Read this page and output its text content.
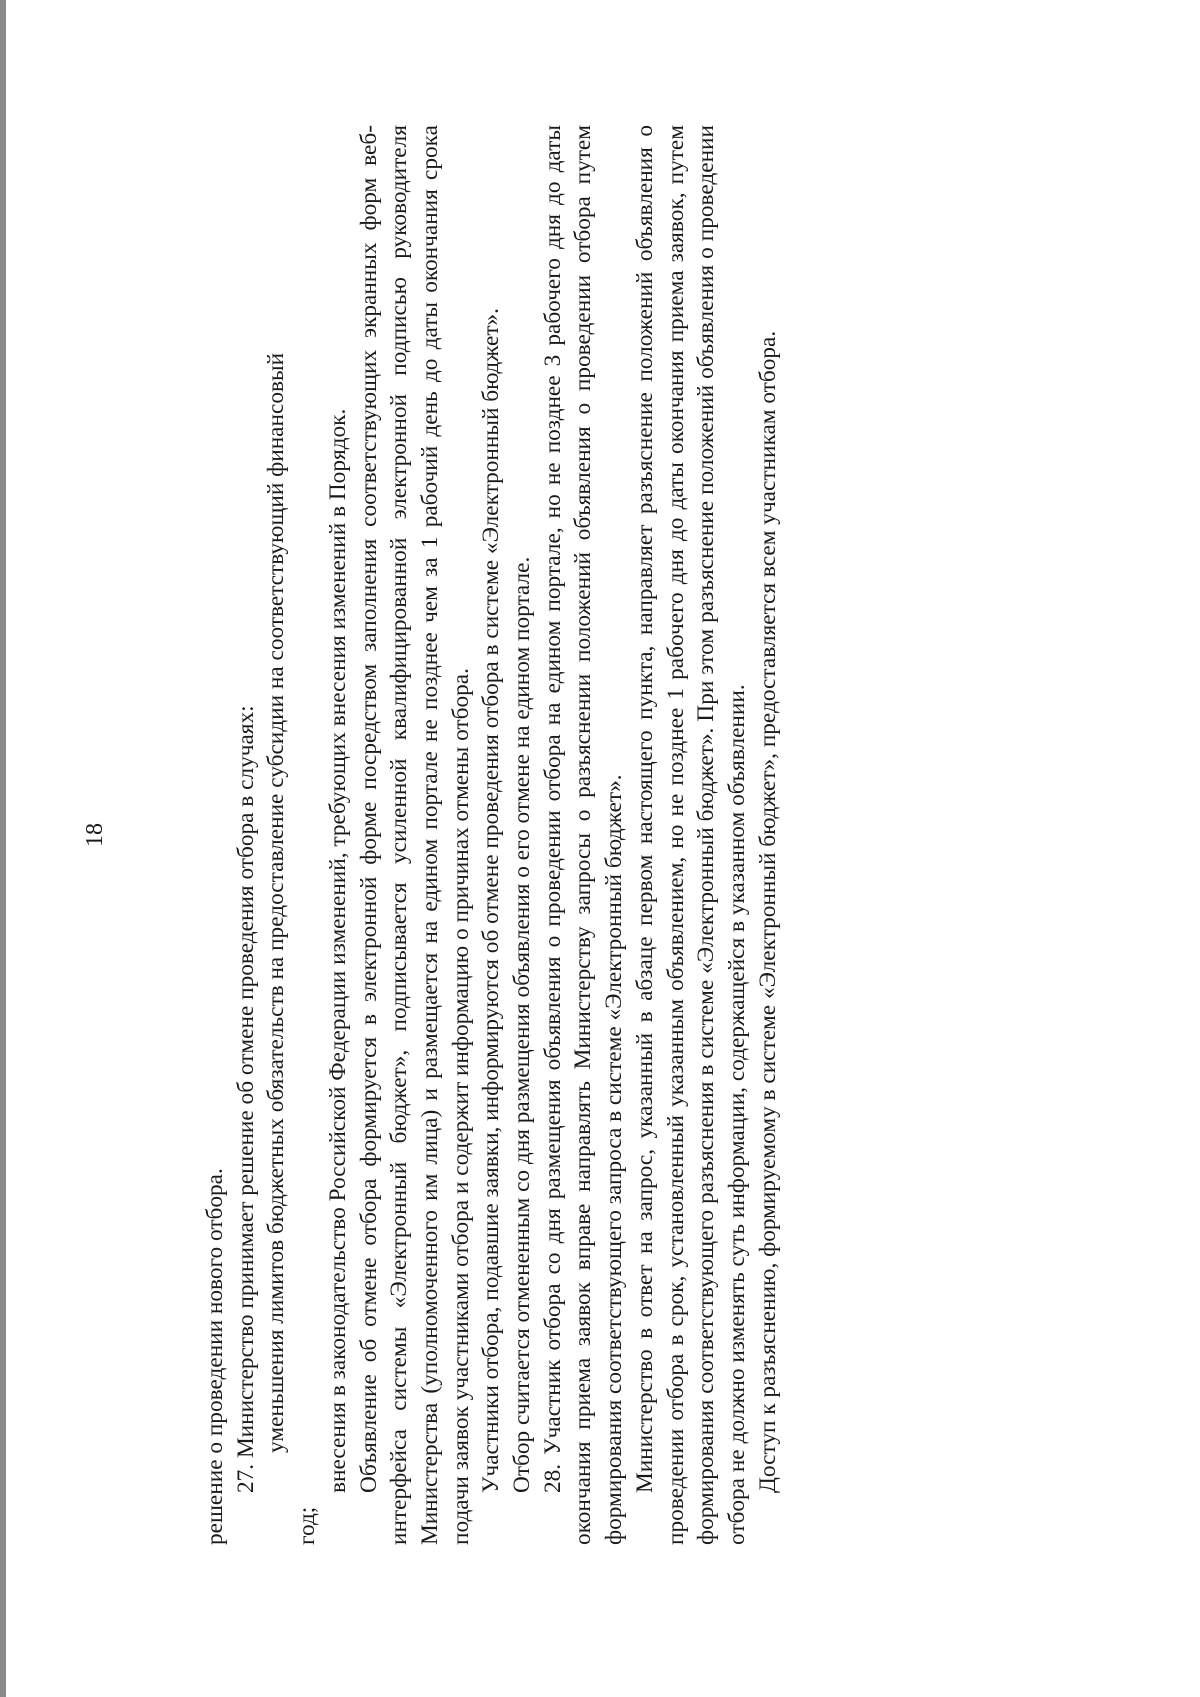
18

решение о проведении нового отбора. 27. Министерство принимает решение об отмене проведения отбора в случаях: уменьшения лимитов бюджетных обязательств на предоставление субсидии на соответствующий финансовый

год;

внесения в законодательство Российской Федерации изменений, требующих внесения изменений в Порядок. Объявление об отмене отбора формируется в электронной форме посредством заполнения соответствующих экранных форм веб-интерфейса системы «Электронный бюджет», подписывается усиленной квалифицированной электронной подписью руководителя Министерства (уполномоченного им лица) и размещается на едином портале не позднее чем за 1 рабочий день до даты окончания срока подачи заявок участниками отбора и содержит информацию о причинах отмены отбора. Участники отбора, подавшие заявки, информируются об отмене проведения отбора в системе «Электронный бюджет». Отбор считается отмененным со дня размещения объявления о его отмене на едином портале. 28. Участник отбора со дня размещения объявления о проведении отбора на едином портале, но не позднее 3 рабочего дня до даты окончания приема заявок вправе направлять Министерству запросы о разъяснении положений объявления о проведении отбора путем формирования соответствующего запроса в системе «Электронный бюджет». Министерство в ответ на запрос, указанный в абзаце первом настоящего пункта, направляет разъяснение положений объявления о проведении отбора в срок, установленный указанным объявлением, но не позднее 1 рабочего дня до даты окончания приема заявок, путем формирования соответствующего разъяснения в системе «Электронный бюджет». При этом разъяснение положений объявления о проведении отбора не должно изменять суть информации, содержащейся в указанном объявлении. Доступ к разъяснению, формируемому в системе «Электронный бюджет», предоставляется всем участникам отбора.
